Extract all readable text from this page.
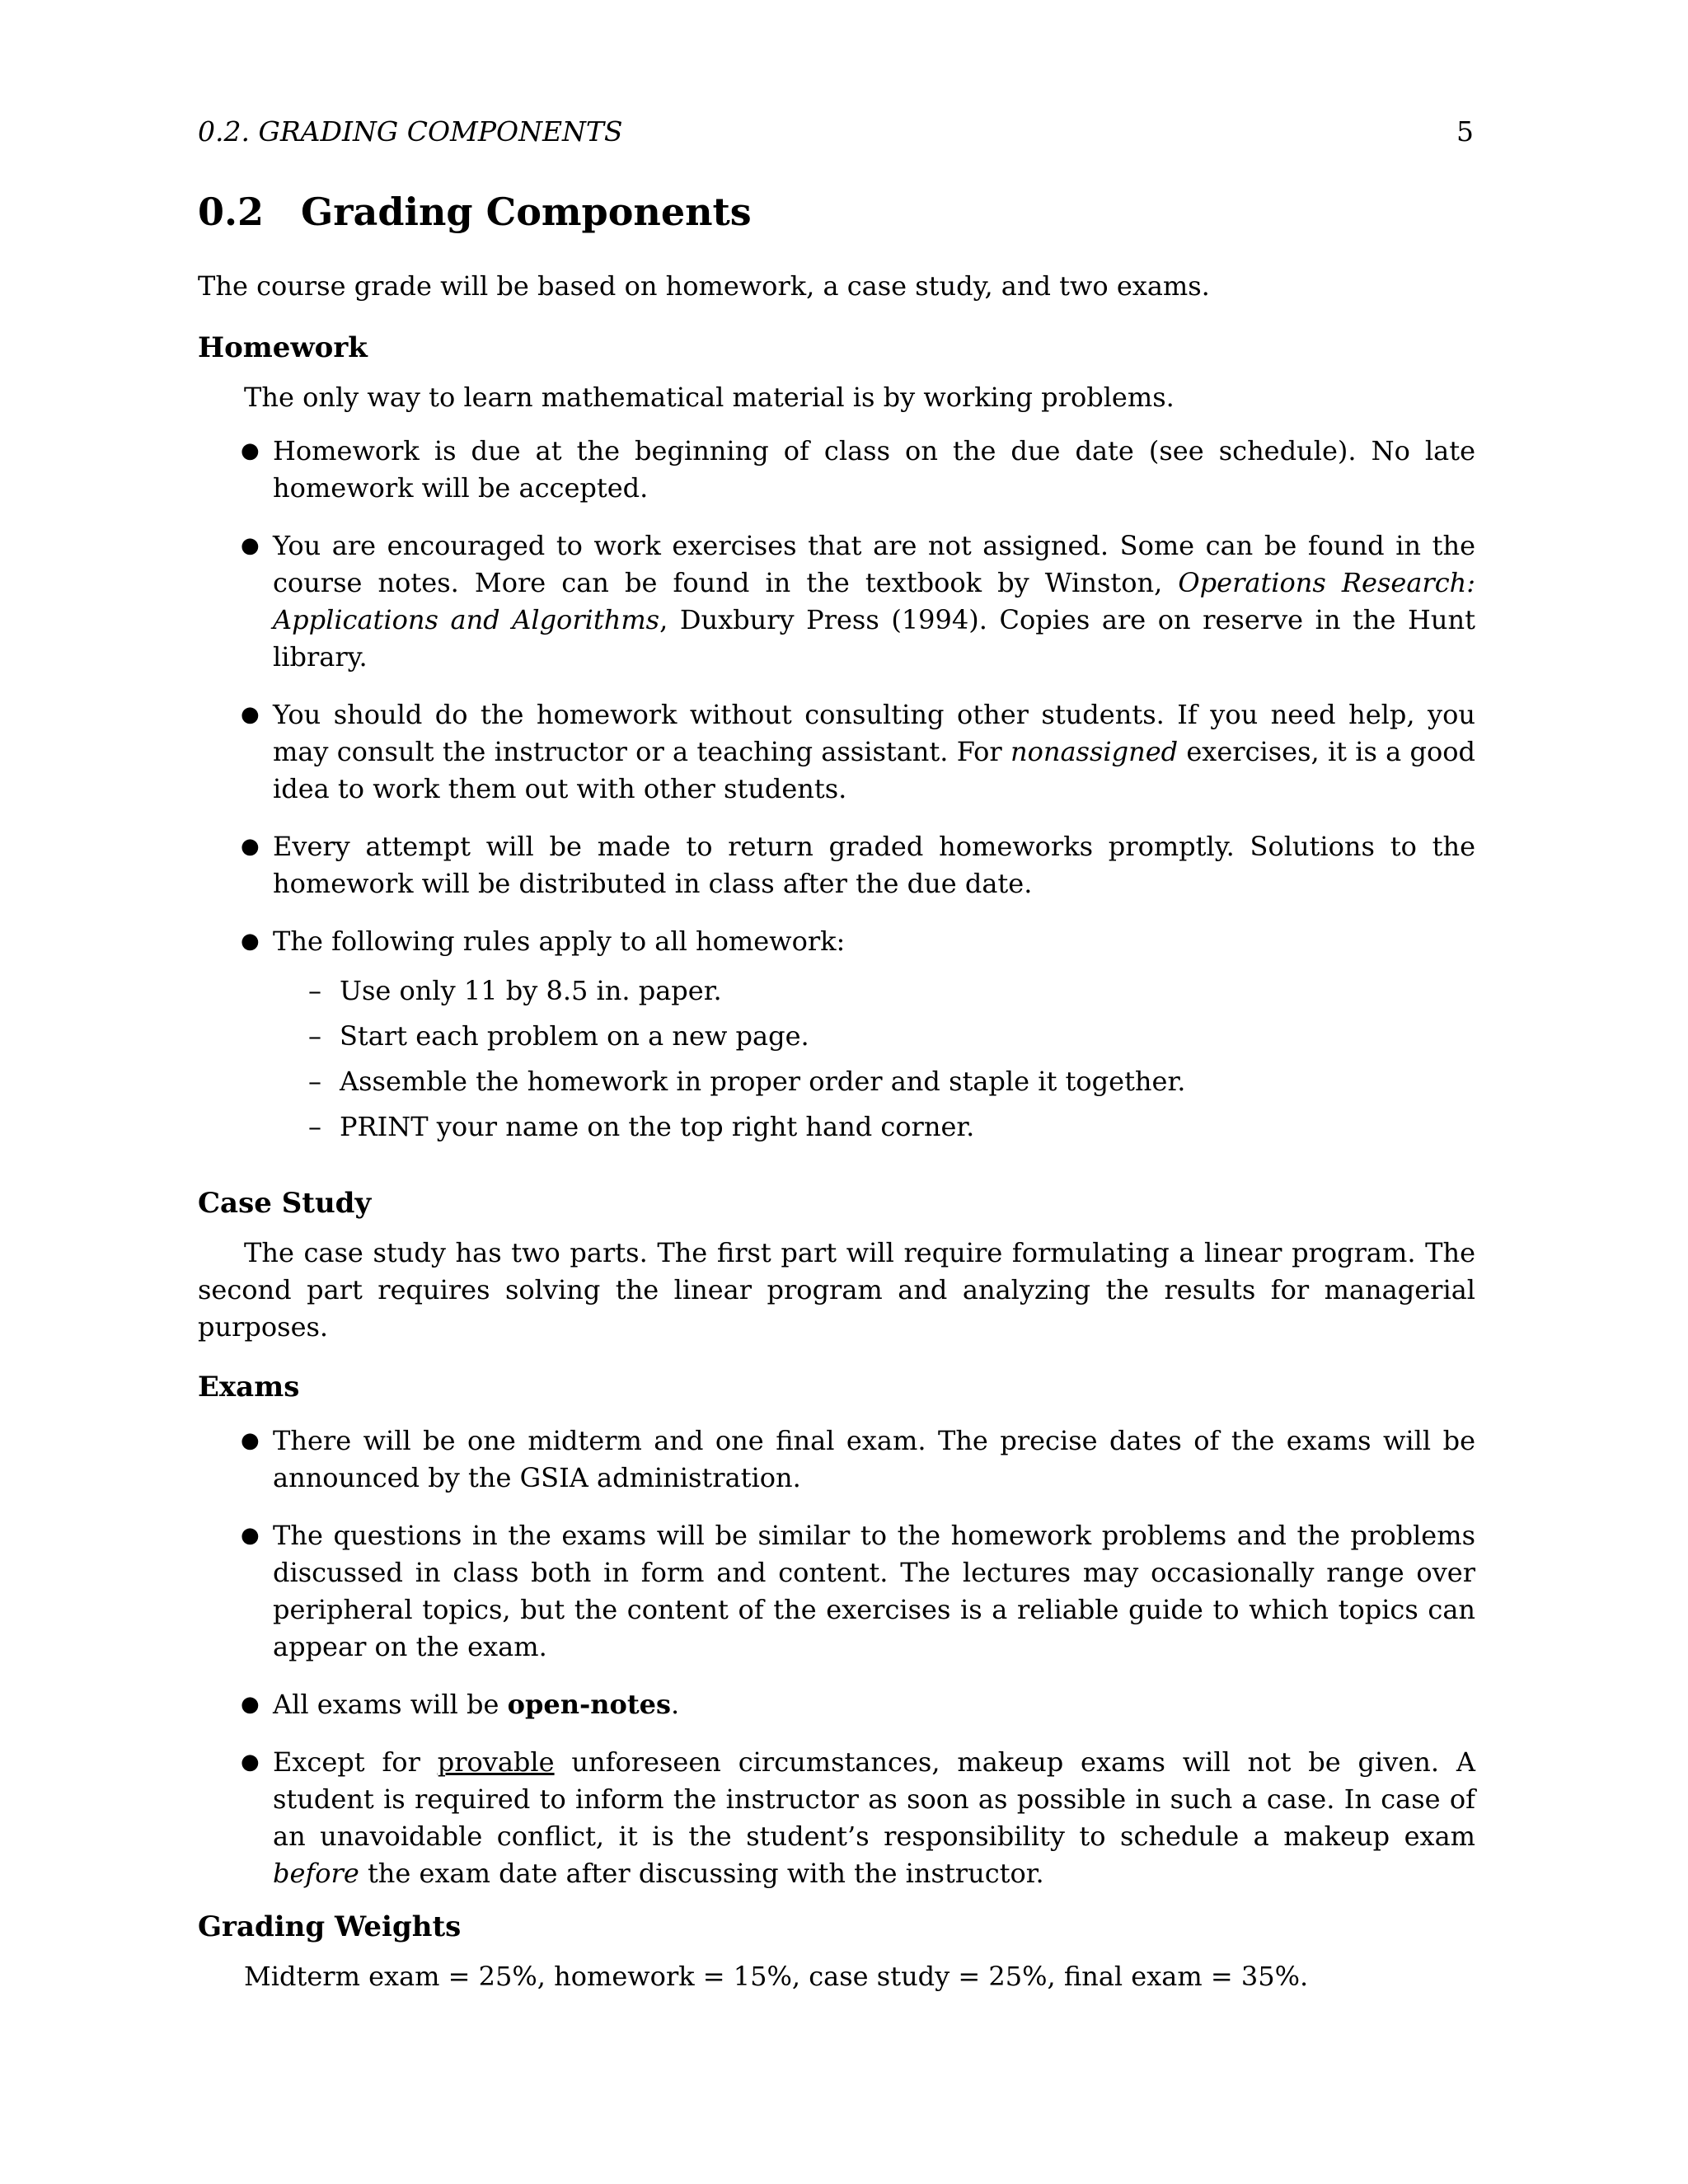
0.2. GRADING COMPONENTS	5
0.2 Grading Components

The course grade will be based on homework, a case study, and two exams.

Homework

The only way to learn mathematical material is by working problems.

● Homework is due at the beginning of class on the due date (see schedule). No late homework will be accepted.
● You are encouraged to work exercises that are not assigned. Some can be found in the course notes. More can be found in the textbook by Winston, Operations Research: Applications and Algorithms, Duxbury Press (1994). Copies are on reserve in the Hunt library.
● You should do the homework without consulting other students. If you need help, you may consult the instructor or a teaching assistant. For nonassigned exercises, it is a good idea to work them out with other students.
● Every attempt will be made to return graded homeworks promptly. Solutions to the homework will be distributed in class after the due date.
● The following rules apply to all homework:
– Use only 11 by 8.5 in. paper.
– Start each problem on a new page.
– Assemble the homework in proper order and staple it together.
– PRINT your name on the top right hand corner.
Case Study

The case study has two parts. The first part will require formulating a linear program. The second part requires solving the linear program and analyzing the results for managerial purposes.

Exams
● There will be one midterm and one final exam. The precise dates of the exams will be announced by the GSIA administration.
● The questions in the exams will be similar to the homework problems and the problems discussed in class both in form and content. The lectures may occasionally range over peripheral topics, but the content of the exercises is a reliable guide to which topics can appear on the exam.
● All exams will be open-notes.
● Except for provable unforeseen circumstances, makeup exams will not be given. A student is required to inform the instructor as soon as possible in such a case. In case of an unavoidable conflict, it is the student’s responsibility to schedule a makeup exam before the exam date after discussing with the instructor.
Grading Weights

Midterm exam = 25%, homework = 15%, case study = 25%, final exam = 35%.
